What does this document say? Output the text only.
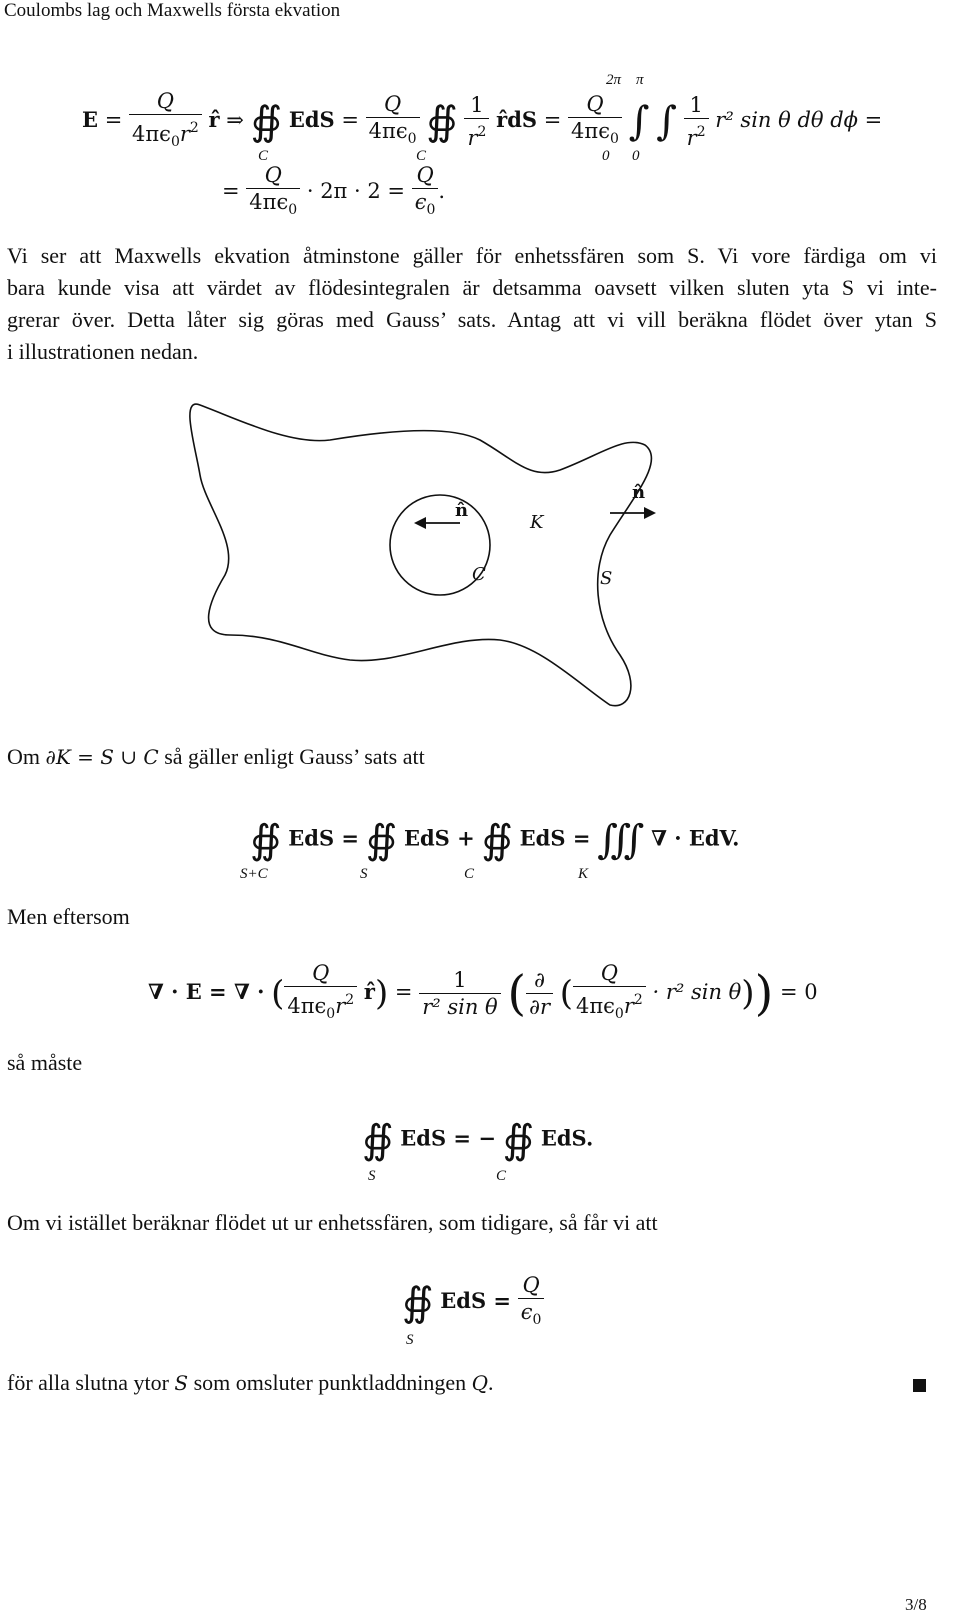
Coulombs lag och Maxwells första ekvation
$E = \frac{Q}{4\pi\epsilon_0r^2}$ r̂ ⇒ ∯ EdS = $\frac{Q}{4\pi\epsilon_0}$ ∯ $\frac{1}{r^2}$ r̂dS = $\frac{Q}{4\pi\epsilon_0}$ ∫ ∫ $\frac{1}{r^2} r^2$ sin θ dθ dϕ =
C	C
2π π
0 0
= $\frac{Q}{4\pi\epsilon_0} \cdot 2\pi \cdot 2 = \frac{Q}{\epsilon_0}$ .
Vi ser att Maxwells ekvation åtminstone gäller för enhetssfären som S. Vi vore färdiga om vi
bara kunde visa att värdet av flödesintegralen är detsamma oavsett vilken sluten yta S vi inte-
grerar över. Detta låter sig göras med Gauss’ sats. Antag att vi vill beräkna flödet över ytan S
i illustrationen nedan.
n̂
n̂
K
C	S
Om ∂K = S ∪ C så gäller enligt Gauss’ sats att
∯ EdS = ∯ EdS + ∯ EdS = ∭ ∇ · EdV.
S+C	S	C	K
Men eftersom
∇ · E = ∇ · ( $\frac{Q}{4\pi\epsilon_0r^2}$ r̂) = $\frac{1}{\text{r² sin θ}}$ ( $\frac{\partial}{\partial r}$ ( $\frac{Q}{4\pi\epsilon_0r^2} \cdot r^2$ sin θ)) = 0
så måste
∯ EdS = − ∯ EdS.
S	C
Om vi istället beräknar flödet ut ur enhetssfären, som tidigare, så får vi att
∯ EdS = $\frac{Q}{\epsilon_0}$
S
för alla slutna ytor S som omsluter punktladdningen Q.
3/8
